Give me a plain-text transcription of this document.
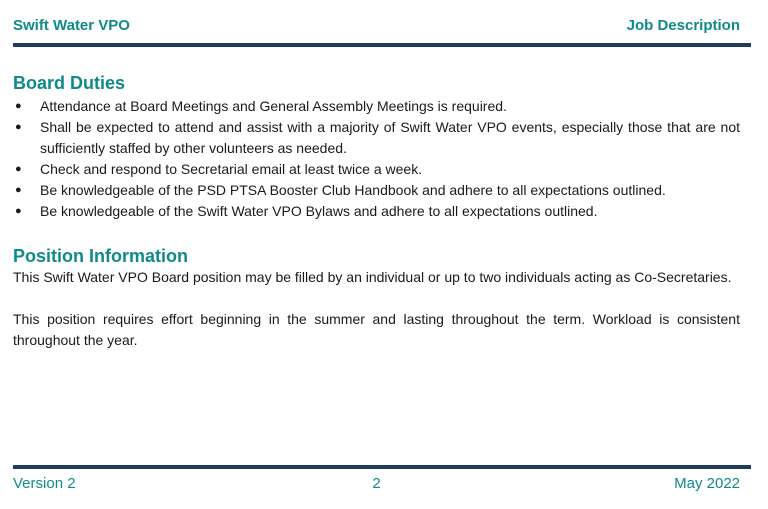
Swift Water VPO	Job Description
Board Duties
● Attendance at Board Meetings and General Assembly Meetings is required.
● Shall be expected to attend and assist with a majority of Swift Water VPO events, especially those that are not sufficiently staffed by other volunteers as needed.
● Check and respond to Secretarial email at least twice a week.
● Be knowledgeable of the PSD PTSA Booster Club Handbook and adhere to all expectations outlined.
● Be knowledgeable of the Swift Water VPO Bylaws and adhere to all expectations outlined.
Position Information

This Swift Water VPO Board position may be filled by an individual or up to two individuals acting as Co-Secretaries.

This position requires effort beginning in the summer and lasting throughout the term. Workload is consistent throughout the year.

Version 2	2	May 2022
